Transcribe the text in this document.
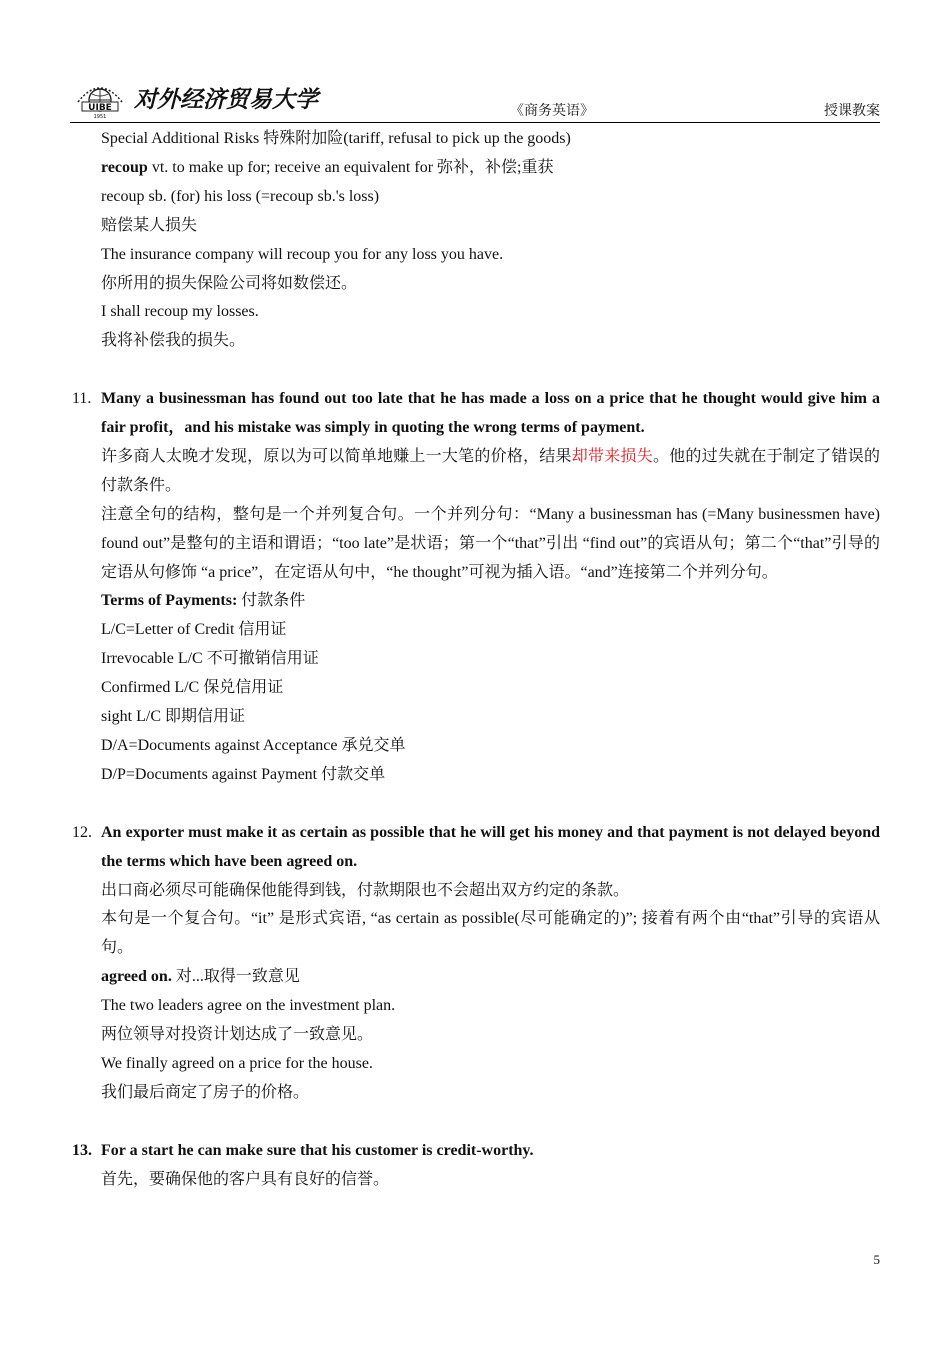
UIBE
1951
对外经济贸易大学	《商务英语》	授课教案
Special Additional Risks 特殊附加险(tariff, refusal to pick up the goods)
recoup vt. to make up for; receive an equivalent for 弥补，补偿;重获
recoup sb. (for) his loss (=recoup sb.'s loss)
赔偿某人损失
The insurance company will recoup you for any loss you have.
你所用的损失保险公司将如数偿还。
I shall recoup my losses.
我将补偿我的损失。
11. Many a businessman has found out too late that he has made a loss on a price that he thought would give him a fair profit，and his mistake was simply in quoting the wrong terms of payment.
许多商人太晚才发现，原以为可以简单地赚上一大笔的价格，结果却带来损失。他的过失就在于制定了错误的付款条件。
注意全句的结构，整句是一个并列复合句。一个并列分句：“Many a businessman has (=Many businessmen have) found out”是整句的主语和谓语；“too late”是状语；第一个“that”引出 “find out”的宾语从句；第二个“that”引导的定语从句修饰 “a price”，在定语从句中，“he thought”可视为插入语。“and”连接第二个并列分句。
Terms of Payments: 付款条件
L/C=Letter of Credit 信用证
Irrevocable L/C 不可撤销信用证
Confirmed L/C 保兑信用证
sight L/C 即期信用证
D/A=Documents against Acceptance 承兑交单
D/P=Documents against Payment 付款交单
12. An exporter must make it as certain as possible that he will get his money and that payment is not delayed beyond the terms which have been agreed on.
出口商必须尽可能确保他能得到钱，付款期限也不会超出双方约定的条款。
本句是一个复合句。“it” 是形式宾语, “as certain as possible(尽可能确定的)”; 接着有两个由“that”引导的宾语从句。
agreed on. 对...取得一致意见
The two leaders agree on the investment plan.
两位领导对投资计划达成了一致意见。
We finally agreed on a price for the house.
我们最后商定了房子的价格。
13. For a start he can make sure that his customer is credit-worthy.
首先，要确保他的客户具有良好的信誉。
5
